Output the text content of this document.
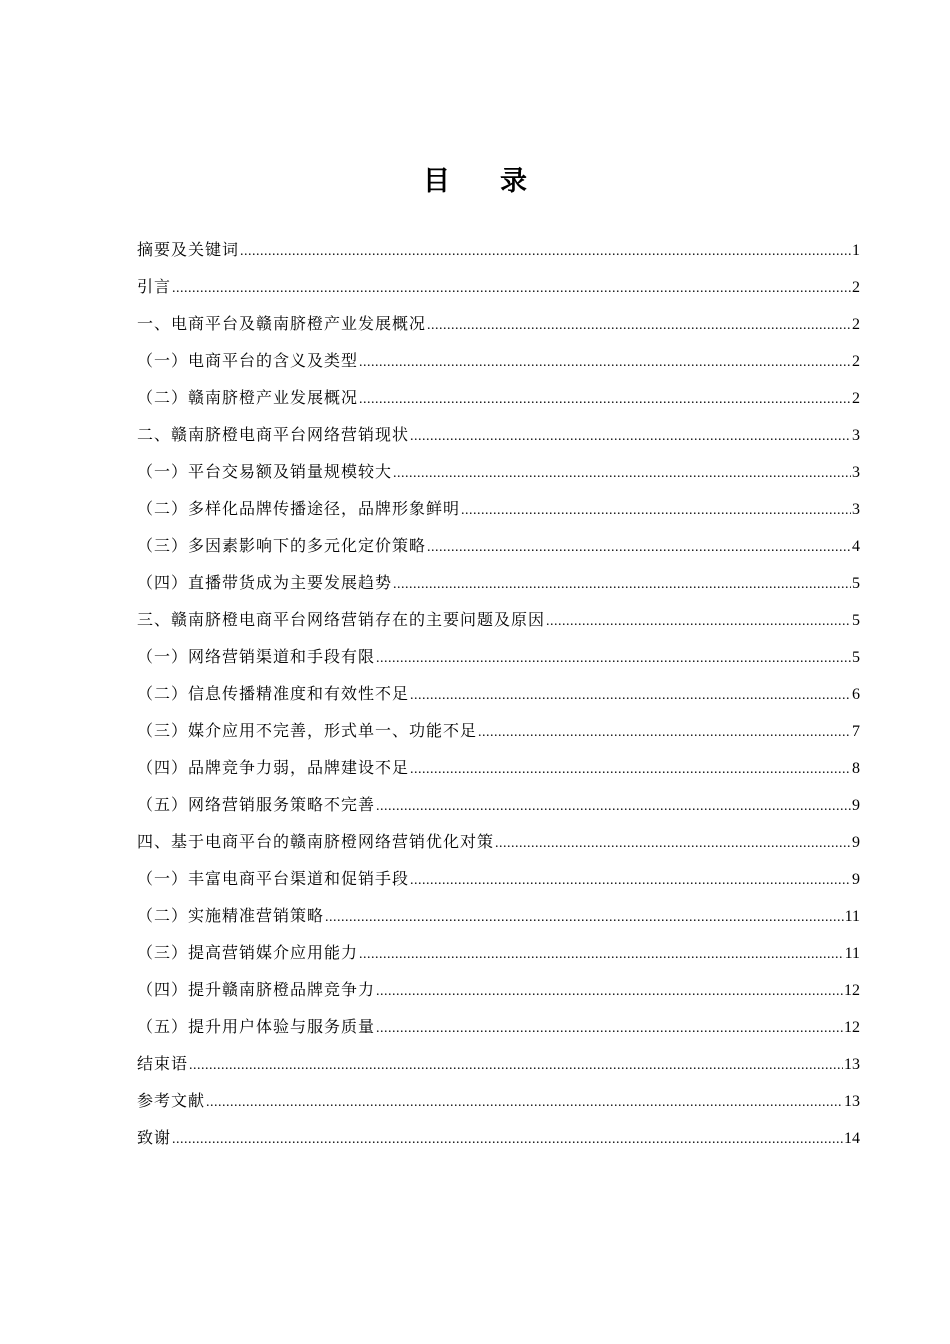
目 录
摘要及关键词 .....	1
引言 .....	2
一、电商平台及赣南脐橙产业发展概况 .....	2
（一）电商平台的含义及类型 .....	2
（二）赣南脐橙产业发展概况 .....	2
二、赣南脐橙电商平台网络营销现状 .....	3
（一）平台交易额及销量规模较大 .....	3
（二）多样化品牌传播途径，品牌形象鲜明 .....	3
（三）多因素影响下的多元化定价策略 .....	4
（四）直播带货成为主要发展趋势 .....	5
三、赣南脐橙电商平台网络营销存在的主要问题及原因 .....	5
（一）网络营销渠道和手段有限 .....	5
（二）信息传播精准度和有效性不足 .....	6
（三）媒介应用不完善，形式单一、功能不足 .....	7
（四）品牌竞争力弱，品牌建设不足 .....	8
（五）网络营销服务策略不完善 .....	9
四、基于电商平台的赣南脐橙网络营销优化对策 .....	9
（一）丰富电商平台渠道和促销手段 .....	9
（二）实施精准营销策略 .....	11
（三）提高营销媒介应用能力 .....	11
（四）提升赣南脐橙品牌竞争力 .....	12
（五）提升用户体验与服务质量 .....	12
结束语 .....	13
参考文献 .....	13
致谢 .....	14
